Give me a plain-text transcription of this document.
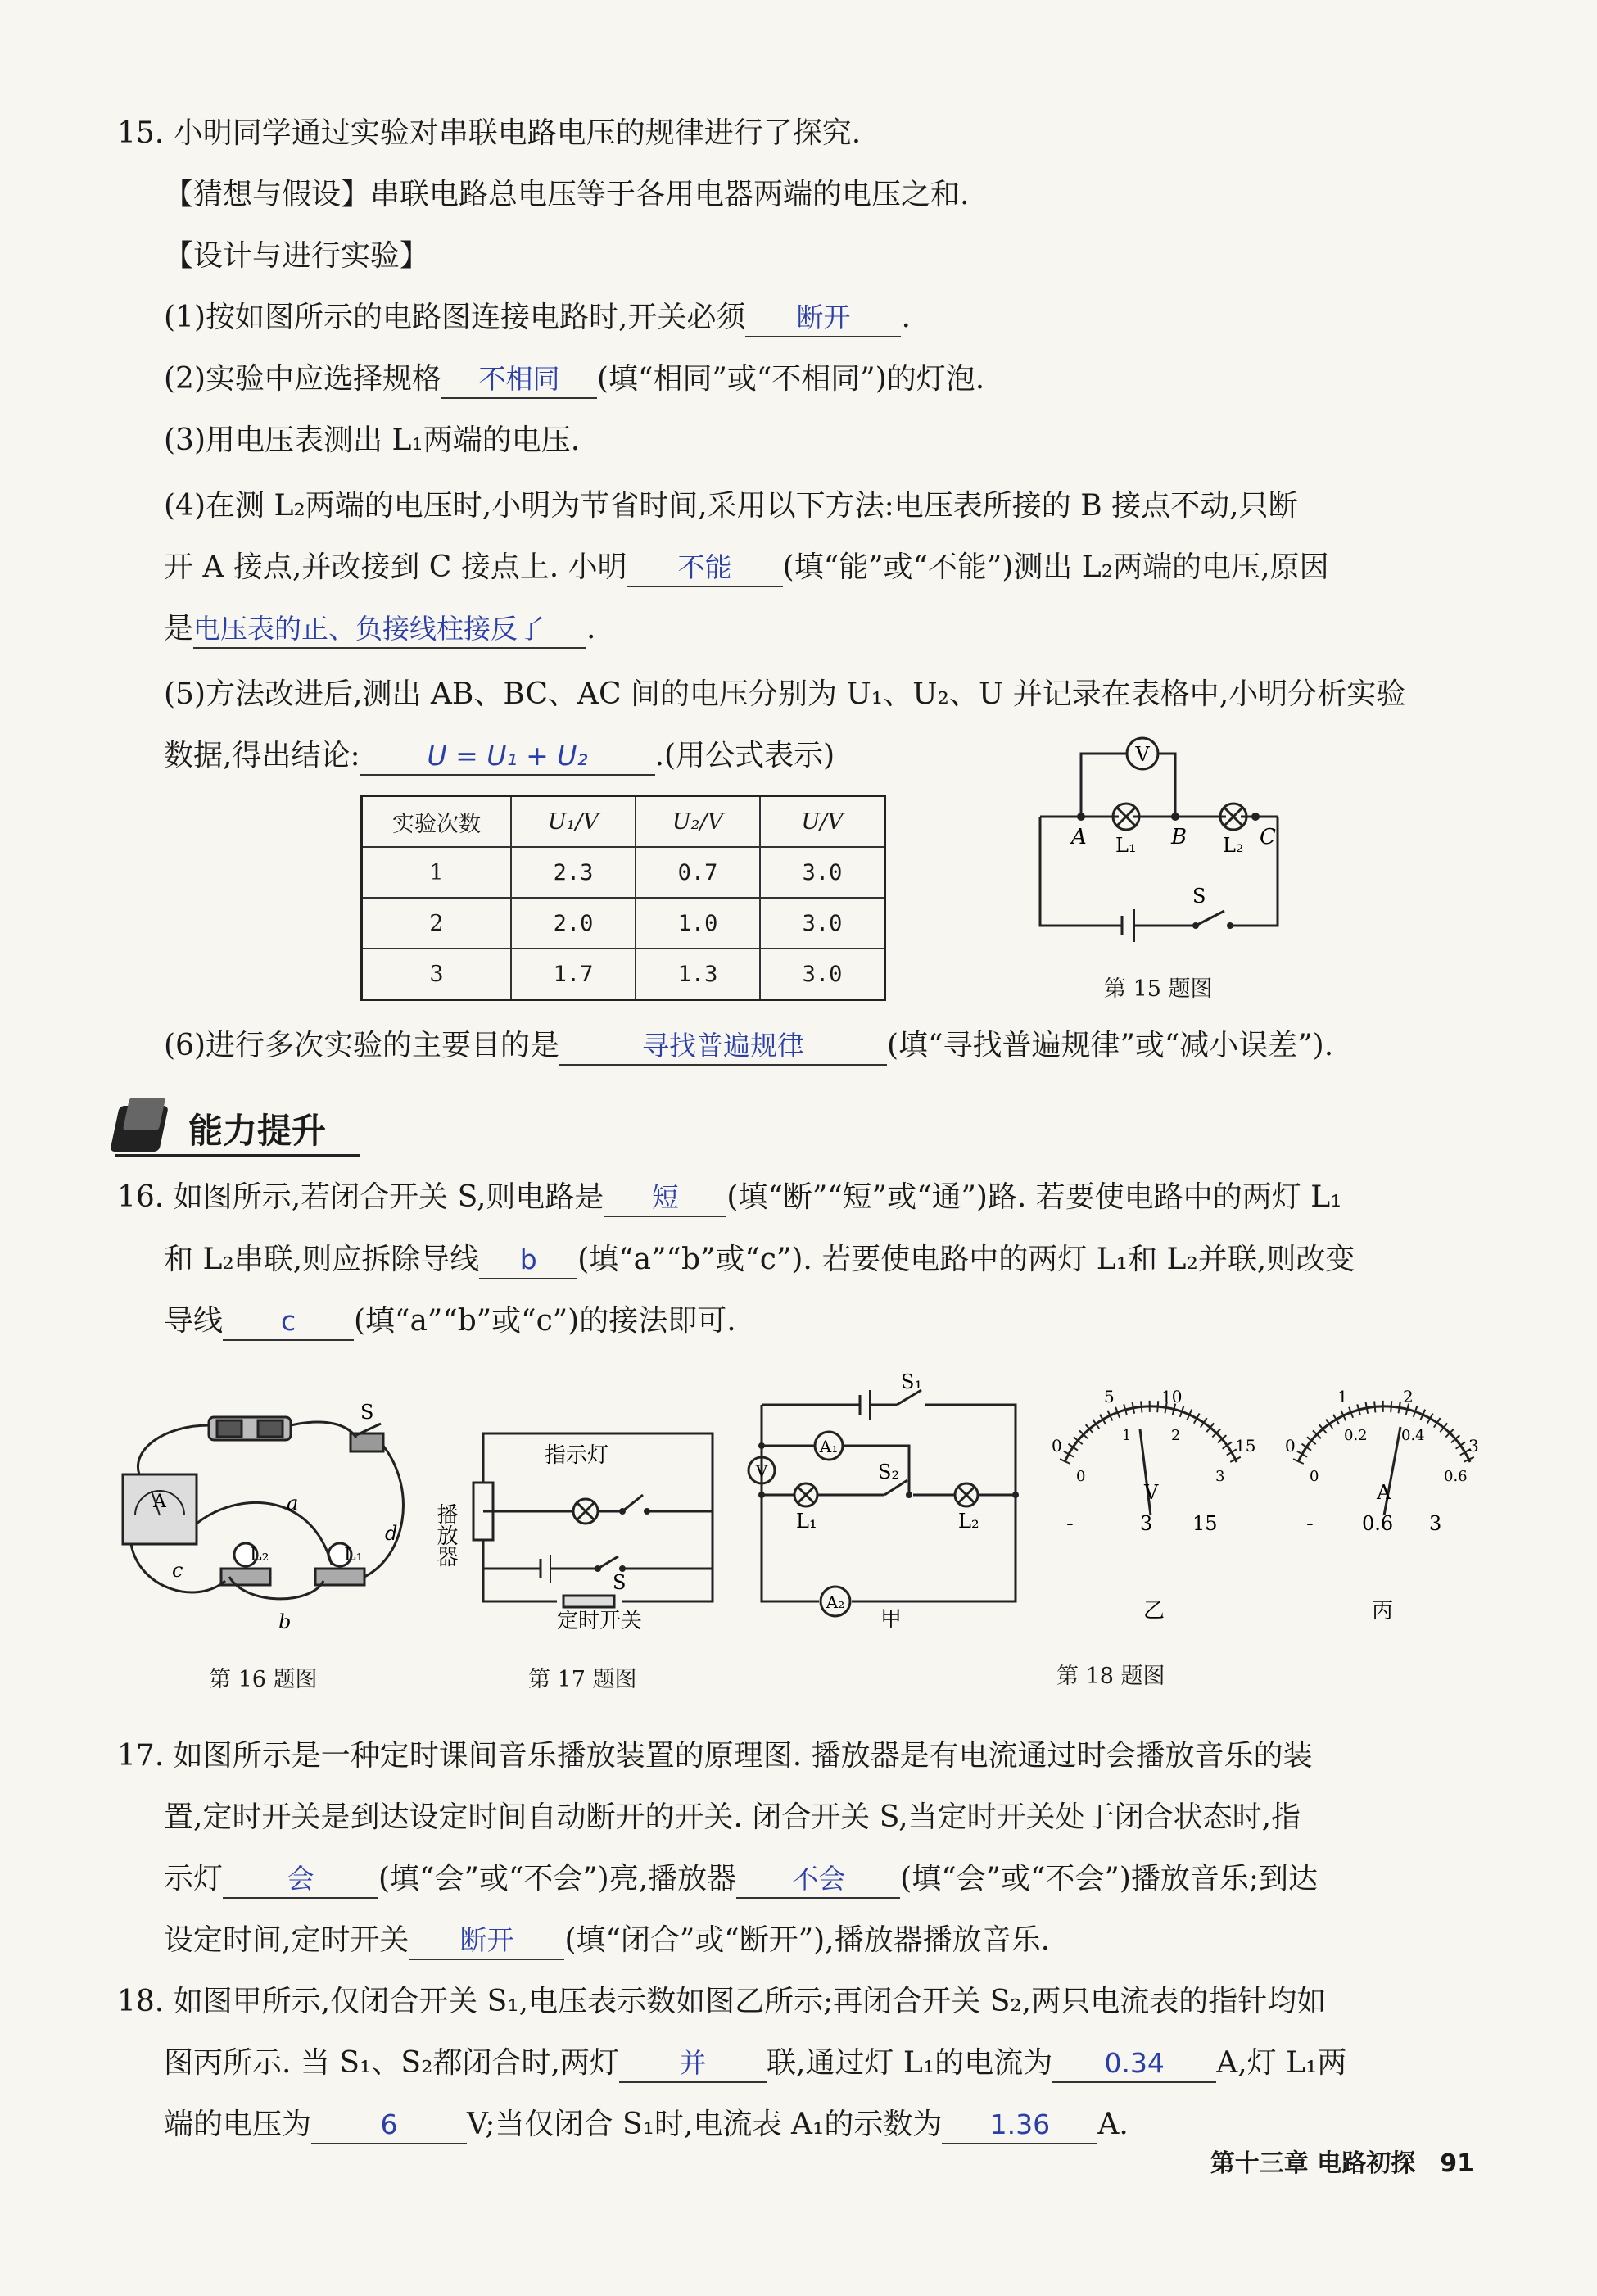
15. 小明同学通过实验对串联电路电压的规律进行了探究.
【猜想与假设】串联电路总电压等于各用电器两端的电压之和.
【设计与进行实验】
(1)按如图所示的电路图连接电路时,开关必须 断开 .
(2)实验中应选择规格 不相同 (填“相同”或“不相同”)的灯泡.
(3)用电压表测出 L₁两端的电压.
(4)在测 L₂两端的电压时,小明为节省时间,采用以下方法:电压表所接的 B 接点不动,只断
开 A 接点,并改接到 C 接点上. 小明 不能 (填“能”或“不能”)测出 L₂两端的电压,原因
是电压表的正、负接线柱接反了 .
(5)方法改进后,测出 AB、BC、AC 间的电压分别为 U₁、U₂、U 并记录在表格中,小明分析实验
数据,得出结论: U = U₁ + U₂ .(用公式表示)
实验次数	U₁/V	U₂/V	U/V
1	2.3	0.7	3.0
2	2.0	1.0	3.0
3	1.7	1.3	3.0
V
A	B	C
L₁	L₂
S
第 15 题图
(6)进行多次实验的主要目的是	寻找普遍规律	(填“寻找普遍规律”或“减小误差”).
能力提升
16. 如图所示,若闭合开关 S,则电路是 短 (填“断”“短”或“通”)路. 若要使电路中的两灯 L₁
和 L₂串联,则应拆除导线 b (填“a”“b”或“c”). 若要使电路中的两灯 L₁和 L₂并联,则改变
导线 c (填“a”“b”或“c”)的接法即可.
A
S
a
b
c
d
L₂	L₁
第 16 题图
指示灯
播放器
S
定时开关
第 17 题图
S₁
S₂
A₁
A₂
V
L₁	L₂
甲
0
5	10
15
0
1	2
3
V
-	3 15
乙
0
1	2
3
0
0.2 0.4
0.6
A
- 0.6 3
丙
第 18 题图
17. 如图所示是一种定时课间音乐播放装置的原理图. 播放器是有电流通过时会播放音乐的装
置,定时开关是到达设定时间自动断开的开关. 闭合开关 S,当定时开关处于闭合状态时,指
示灯 会 (填“会”或“不会”)亮,播放器 不会 (填“会”或“不会”)播放音乐;到达
设定时间,定时开关 断开 (填“闭合”或“断开”),播放器播放音乐.
18. 如图甲所示,仅闭合开关 S₁,电压表示数如图乙所示;再闭合开关 S₂,两只电流表的指针均如
图丙所示. 当 S₁、S₂都闭合时,两灯 并 联,通过灯 L₁的电流为 0.34 A,灯 L₁两
端的电压为	6 V;当仅闭合 S₁时,电流表 A₁的示数为 1.36 A.
第十三章 电路初探 91
